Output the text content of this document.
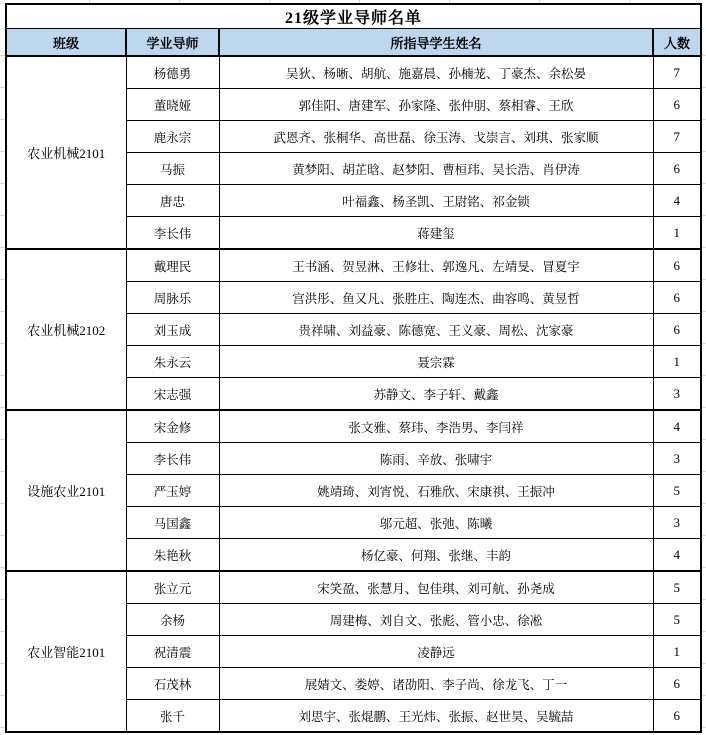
21级学业导师名单			
班级	学业导师	所指导学生姓名	人数
农业机械2101	杨德勇	吴狄、杨晰、胡航、施嘉晨、孙楠茏、丁豪杰、余松晏	7
	董晓娅	郭佳阳、唐建军、孙家隆、张仲朋、蔡相睿、王欣	6
	鹿永宗	武恩齐、张桐华、高世磊、徐玉涛、戈崇言、刘琪、张家顺	7
	马振	黄梦阳、胡芷晗、赵梦阳、曹桓玮、吴长浩、肖伊涛	6
	唐忠	叶福鑫、杨圣凯、王尉铭、祁金锁	4
	李长伟	蒋建玺	1
农业机械2102	戴理民	王书涵、贺昱淋、王修壮、郭逸凡、左靖旻、冒夏宇	6
	周脉乐	宫洪彤、鱼又凡、张胜庄、陶连杰、曲容鸣、黄昱哲	6
	刘玉成	贵祥啸、刘益豪、陈德宽、王义豪、周松、沈家豪	6
	朱永云	聂宗霖	1
	宋志强	苏静文、李子轩、戴鑫	3
设施农业2101	宋金修	张文雅、蔡玮、李浩男、李闫祥	4
	李长伟	陈雨、辛放、张啸宇	3
	严玉婷	姚靖琦、刘宵悦、石雅欣、宋康祺、王振冲	5
	马国鑫	邬元超、张弛、陈曦	3
	朱艳秋	杨亿豪、何翔、张继、丰韵	4
农业智能2101	张立元	宋笑盈、张慧月、包佳琪、刘可航、孙尧成	5
	余杨	周建梅、刘自文、张彪、管小忠、徐凇	5
	祝清震	凌静远	1
	石茂林	展婧文、娄婷、诸劭阳、李子尚、徐龙飞、丁一	6
	张千	刘思宇、张焜鹏、王光炜、张振、赵世昊、吴毓喆	6
